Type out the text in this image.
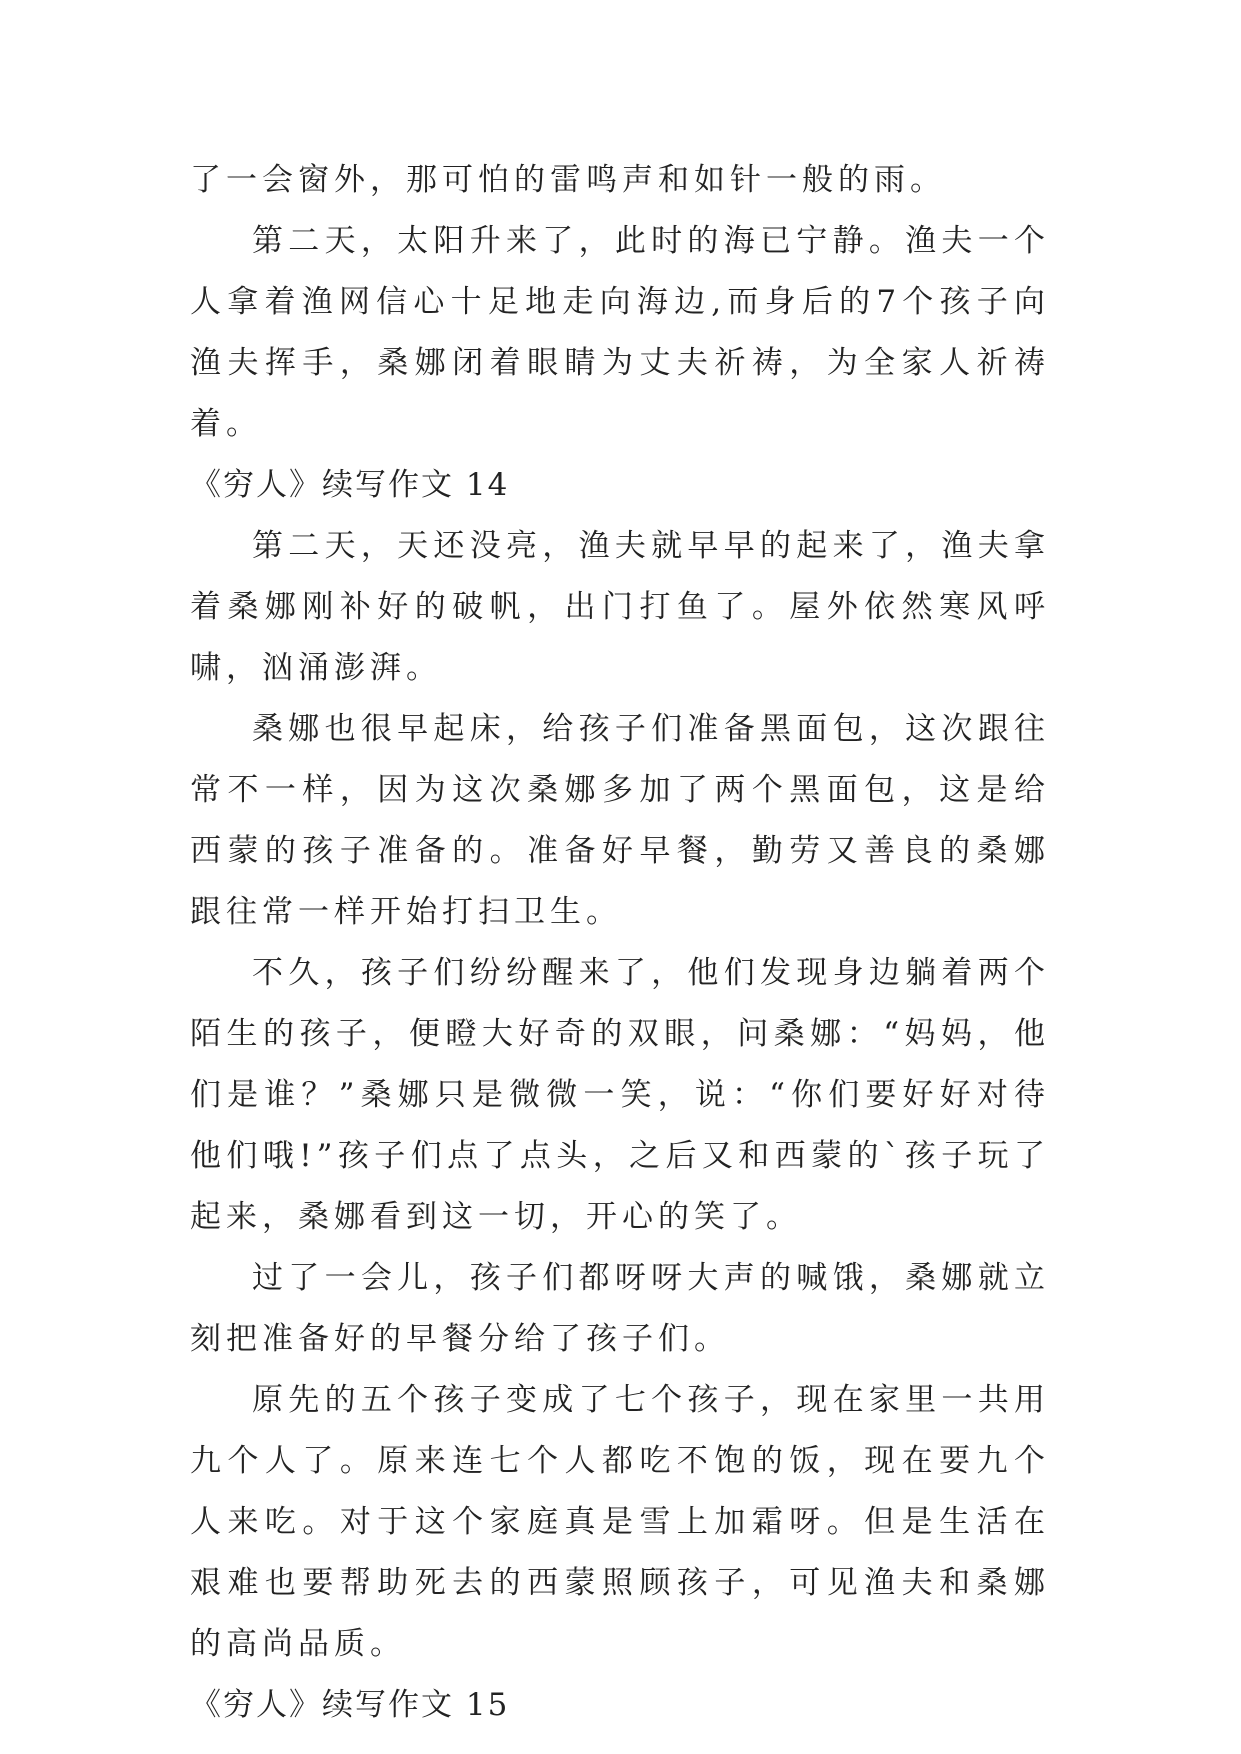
了一会窗外，那可怕的雷鸣声和如针一般的雨。

第二天，太阳升来了，此时的海已宁静。渔夫一个人拿着渔网信心十足地走向海边,而身后的7个孩子向渔夫挥手，桑娜闭着眼睛为丈夫祈祷，为全家人祈祷着。

《穷人》续写作文 14

第二天，天还没亮，渔夫就早早的起来了，渔夫拿着桑娜刚补好的破帆，出门打鱼了。屋外依然寒风呼啸，汹涌澎湃。

桑娜也很早起床，给孩子们准备黑面包，这次跟往常不一样，因为这次桑娜多加了两个黑面包，这是给西蒙的孩子准备的。准备好早餐，勤劳又善良的桑娜跟往常一样开始打扫卫生。

不久，孩子们纷纷醒来了，他们发现身边躺着两个陌生的孩子，便瞪大好奇的双眼，问桑娜：“妈妈，他们是谁？”桑娜只是微微一笑，说：“你们要好好对待他们哦!”孩子们点了点头，之后又和西蒙的`孩子玩了起来，桑娜看到这一切，开心的笑了。

过了一会儿，孩子们都呀呀大声的喊饿，桑娜就立刻把准备好的早餐分给了孩子们。

原先的五个孩子变成了七个孩子，现在家里一共用九个人了。原来连七个人都吃不饱的饭，现在要九个人来吃。对于这个家庭真是雪上加霜呀。但是生活在艰难也要帮助死去的西蒙照顾孩子，可见渔夫和桑娜的高尚品质。

《穷人》续写作文 15
